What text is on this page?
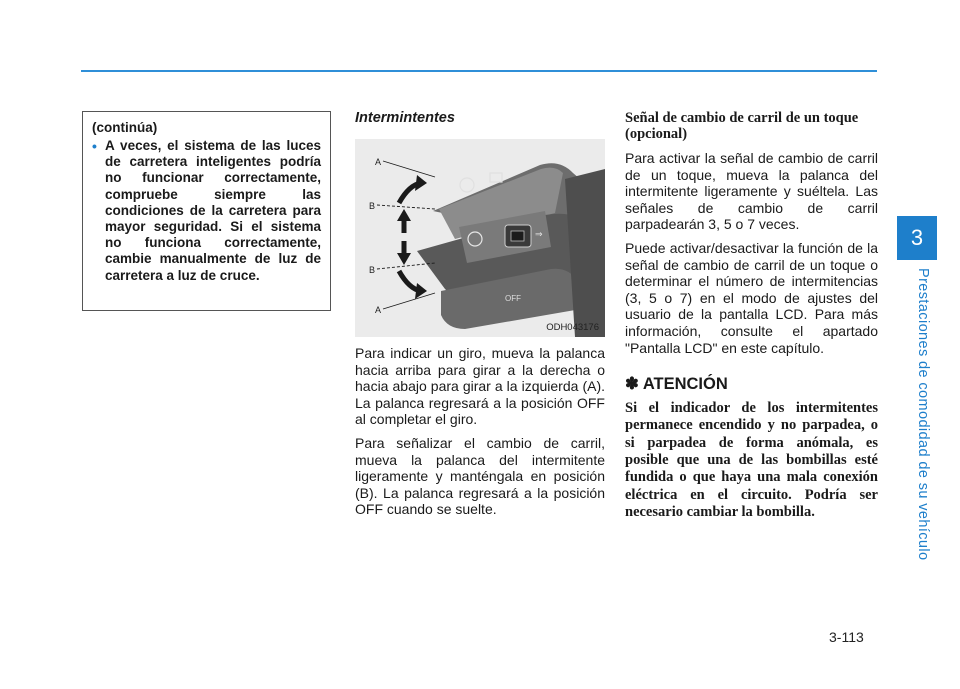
3
Prestaciones de comodidad de su vehículo
(continúa)
• A veces, el sistema de las luces de carretera inteligentes podría no funcionar correctamente, compruebe siempre las condiciones de la carretera para mayor seguridad. Si el sistema no funciona correctamente, cambie manualmente de luz de carretera a luz de cruce.
Intermintentes
⇒
OFF
A
B
B
A
ODH043176

Para indicar un giro, mueva la palanca hacia arriba para girar a la derecha o hacia abajo para girar a la izquierda (A). La palanca regresará a la posición OFF al completar el giro.

Para señalizar el cambio de carril, mueva la palanca del intermitente ligeramente y manténgala en posición (B). La palanca regresará a la posición OFF cuando se suelte.

Señal de cambio de carril de un toque (opcional)

Para activar la señal de cambio de carril de un toque, mueva la palanca del intermitente ligeramente y suéltela. Las señales de cambio de carril parpadearán 3, 5 o 7 veces.

Puede activar/desactivar la función de la señal de cambio de carril de un toque o determinar el número de intermitencias (3, 5 o 7) en el modo de ajustes del usuario de la pantalla LCD. Para más información, consulte el apartado "Pantalla LCD" en este capítulo.

✽ ATENCIÓN

Si el indicador de los intermitentes permanece encendido y no parpadea, o si parpadea de forma anómala, es posible que una de las bombillas esté fundida o que haya una mala conexión eléctrica en el circuito. Podría ser necesario cambiar la bombilla.

3-113
